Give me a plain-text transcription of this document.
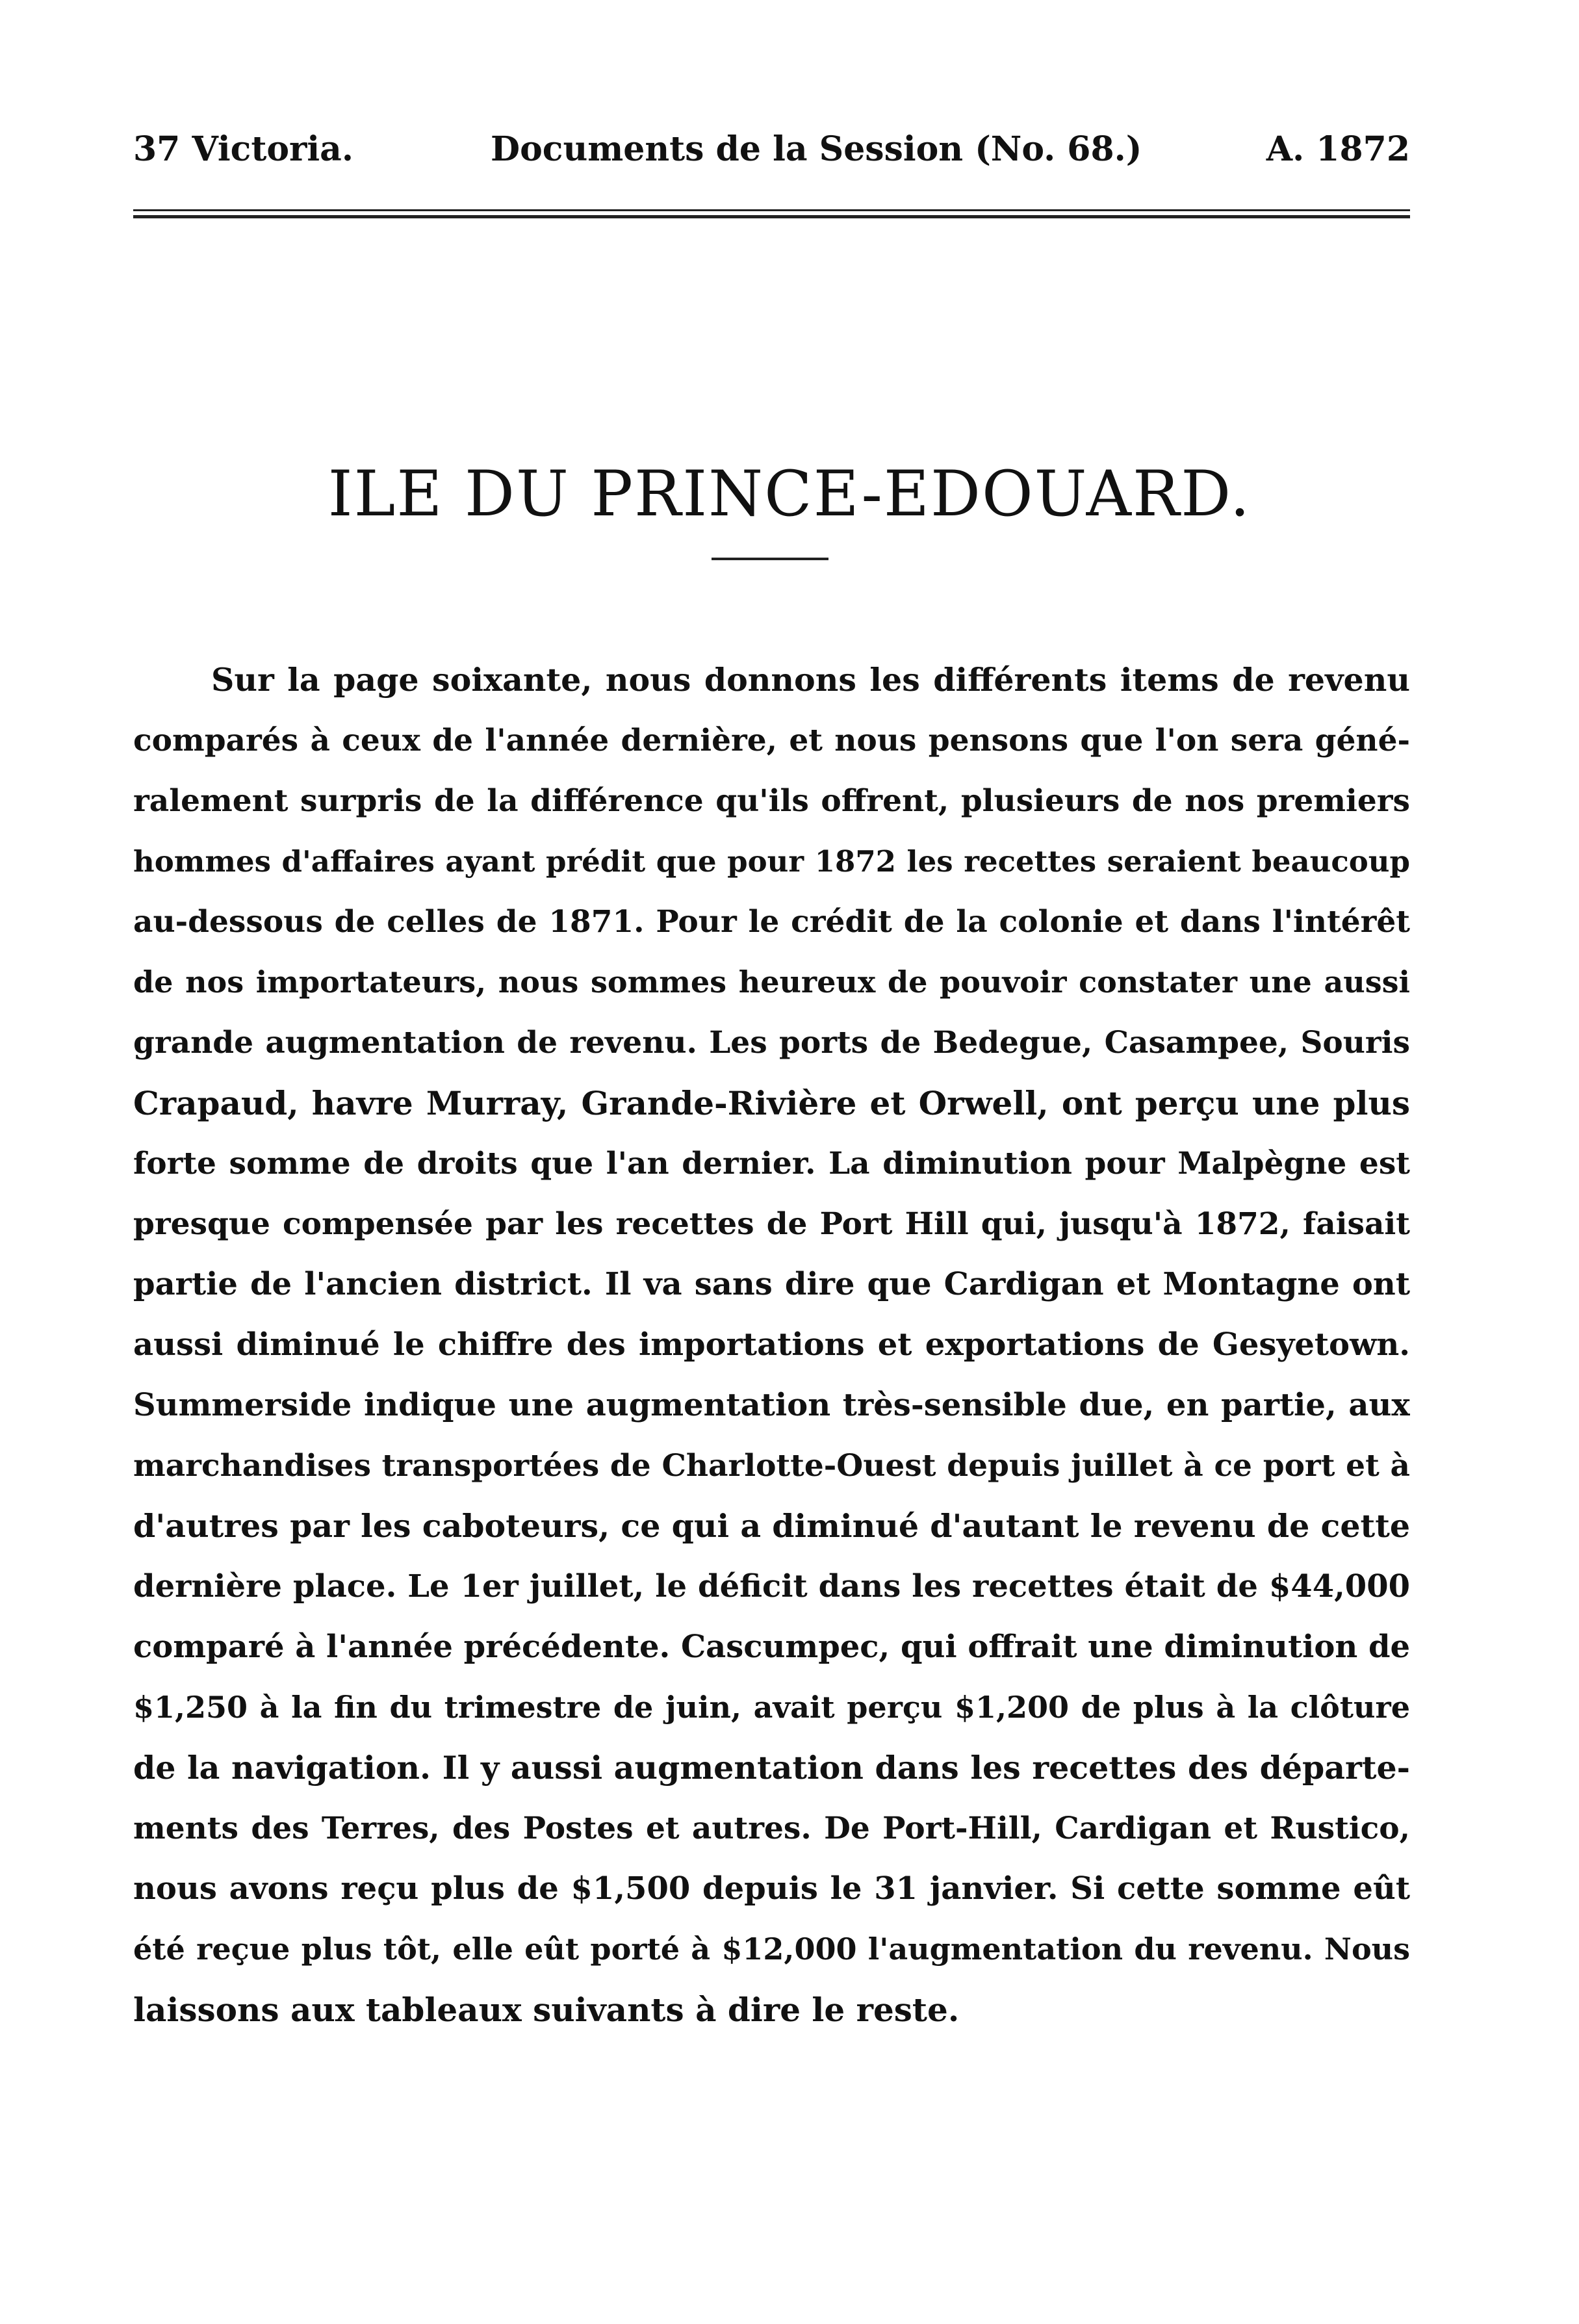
37 Victoria.	Documents de la Session (No. 68.)	A. 1872
ILE DU PRINCE-EDOUARD.
Sur la page soixante, nous donnons les différents items de revenu
comparés à ceux de l'année dernière, et nous pensons que l'on sera géné-
ralement surpris de la différence qu'ils offrent, plusieurs de nos premiers
hommes d'affaires ayant prédit que pour 1872 les recettes seraient beaucoup
au-dessous de celles de 1871. Pour le crédit de la colonie et dans l'intérêt
de nos importateurs, nous sommes heureux de pouvoir constater une aussi
grande augmentation de revenu. Les ports de Bedegue, Casampee, Souris
Crapaud, havre Murray, Grande-Rivière et Orwell, ont perçu une plus
forte somme de droits que l'an dernier. La diminution pour Malpègne est
presque compensée par les recettes de Port Hill qui, jusqu'à 1872, faisait
partie de l'ancien district. Il va sans dire que Cardigan et Montagne ont
aussi diminué le chiffre des importations et exportations de Gesyetown.
Summerside indique une augmentation très-sensible due, en partie, aux
marchandises transportées de Charlotte-Ouest depuis juillet à ce port et à
d'autres par les caboteurs, ce qui a diminué d'autant le revenu de cette
dernière place. Le 1er juillet, le déficit dans les recettes était de $44,000
comparé à l'année précédente. Cascumpec, qui offrait une diminution de
$1,250 à la fin du trimestre de juin, avait perçu $1,200 de plus à la clôture
de la navigation. Il y aussi augmentation dans les recettes des départe-
ments des Terres, des Postes et autres. De Port-Hill, Cardigan et Rustico,
nous avons reçu plus de $1,500 depuis le 31 janvier. Si cette somme eût
été reçue plus tôt, elle eût porté à $12,000 l'augmentation du revenu. Nous
laissons aux tableaux suivants à dire le reste.
